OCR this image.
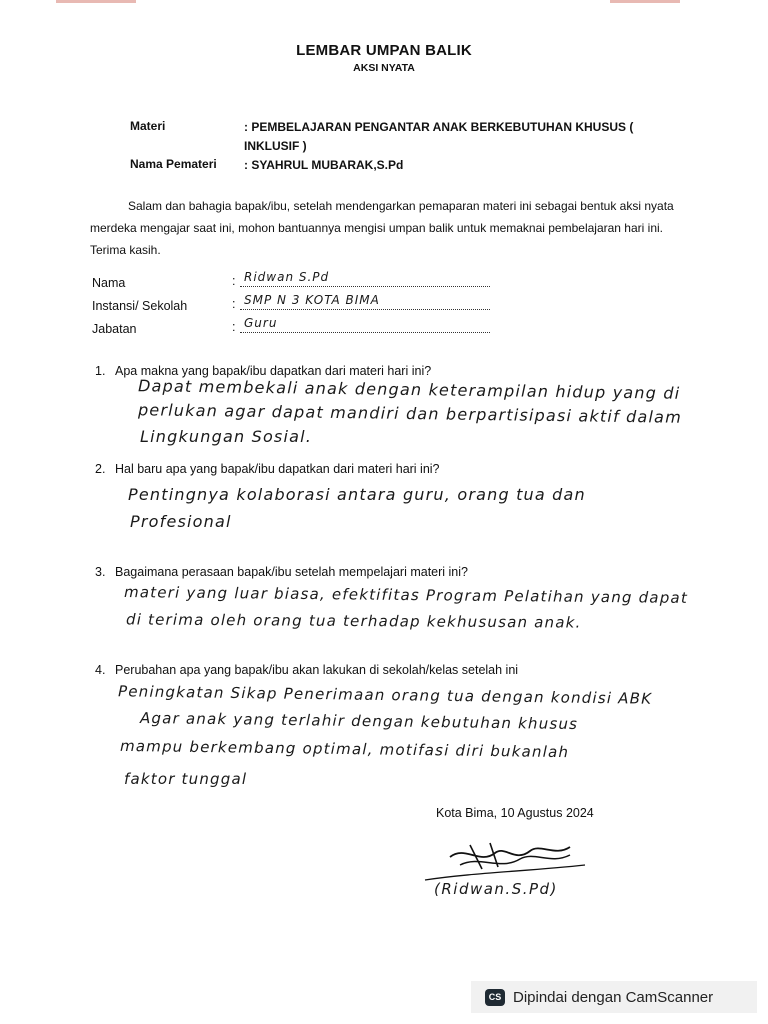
LEMBAR UMPAN BALIK
AKSI NYATA
Materi	: PEMBELAJARAN PENGANTAR ANAK BERKEBUTUHAN KHUSUS ( INKLUSIF )
Nama Pemateri : SYAHRUL MUBARAK,S.Pd
Salam dan bahagia bapak/ibu, setelah mendengarkan pemaparan materi ini sebagai bentuk aksi nyata merdeka mengajar saat ini, mohon bantuannya mengisi umpan balik untuk memaknai pembelajaran hari ini. Terima kasih.
Nama	: Ridwan S.Pd
Instansi/ Sekolah	: SMP N 3 KOTA BIMA
Jabatan	: Guru
1. Apa makna yang bapak/ibu dapatkan dari materi hari ini?
Dapat membekali anak dengan keterampilan hidup yang di
perlukan agar dapat mandiri dan berpartisipasi aktif dalam
Lingkungan Sosial.
2. Hal baru apa yang bapak/ibu dapatkan dari materi hari ini?
Pentingnya kolaborasi antara guru, orang tua dan
Profesional
3. Bagaimana perasaan bapak/ibu setelah mempelajari materi ini?
materi yang luar biasa, efektifitas Program Pelatihan yang dapat
di terima oleh orang tua terhadap kekhususan anak.
4. Perubahan apa yang bapak/ibu akan lakukan di sekolah/kelas setelah ini
Peningkatan Sikap Penerimaan orang tua dengan kondisi ABK
Agar anak yang terlahir dengan kebutuhan khusus
mampu berkembang optimal, motifasi diri bukanlah
faktor tunggal
Kota Bima, 10 Agustus 2024
(Ridwan.S.Pd)
CS Dipindai dengan CamScanner
